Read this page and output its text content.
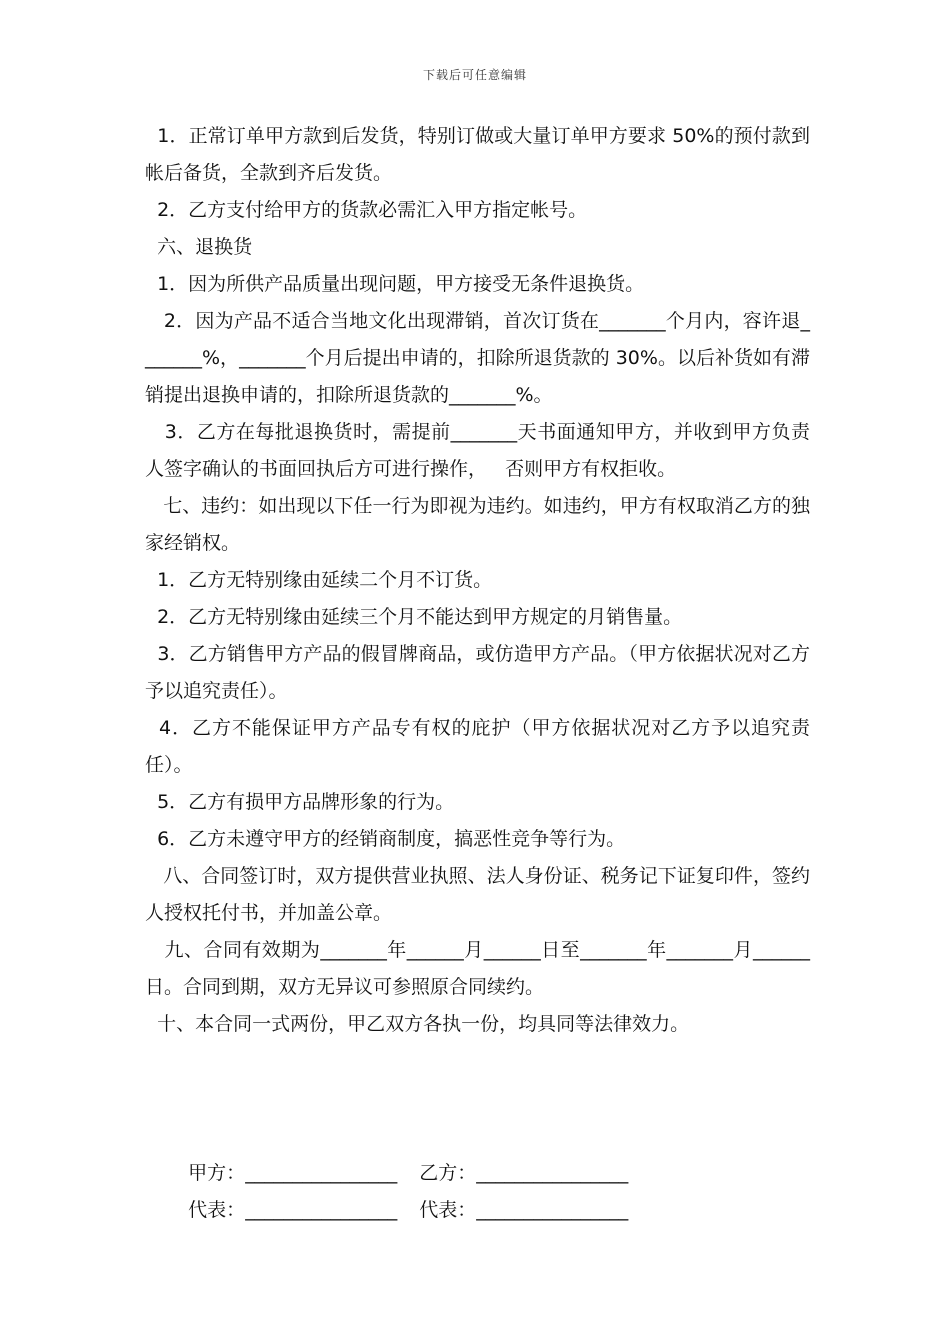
下载后可任意编辑

1．正常订单甲方款到后发货，特别订做或大量订单甲方要求 50%的预付款到帐后备货，全款到齐后发货。

2．乙方支付给甲方的货款必需汇入甲方指定帐号。

六、退换货

1．因为所供产品质量出现问题，甲方接受无条件退换货。

2．因为产品不适合当地文化出现滞销，首次订货在_______个月内，容许退_______%，_______个月后提出申请的，扣除所退货款的 30%。以后补货如有滞销提出退换申请的，扣除所退货款的_______%。

3．乙方在每批退换货时，需提前_______天书面通知甲方，并收到甲方负责人签字确认的书面回执后方可进行操作，   否则甲方有权拒收。

七、违约：如出现以下任一行为即视为违约。如违约，甲方有权取消乙方的独家经销权。

1．乙方无特别缘由延续二个月不订货。

2．乙方无特别缘由延续三个月不能达到甲方规定的月销售量。

3．乙方销售甲方产品的假冒牌商品，或仿造甲方产品。（甲方依据状况对乙方予以追究责任）。

4．乙方不能保证甲方产品专有权的庇护（甲方依据状况对乙方予以追究责任）。

5．乙方有损甲方品牌形象的行为。

6．乙方未遵守甲方的经销商制度，搞恶性竞争等行为。

八、合同签订时，双方提供营业执照、法人身份证、税务记下证复印件，签约人授权托付书，并加盖公章。

九、合同有效期为_______年______月______日至_______年_______月______日。合同到期，双方无异议可参照原合同续约。

十、本合同一式两份，甲乙双方各执一份，均具同等法律效力。

甲方：________________ 乙方：________________

代表：________________ 代表：________________
